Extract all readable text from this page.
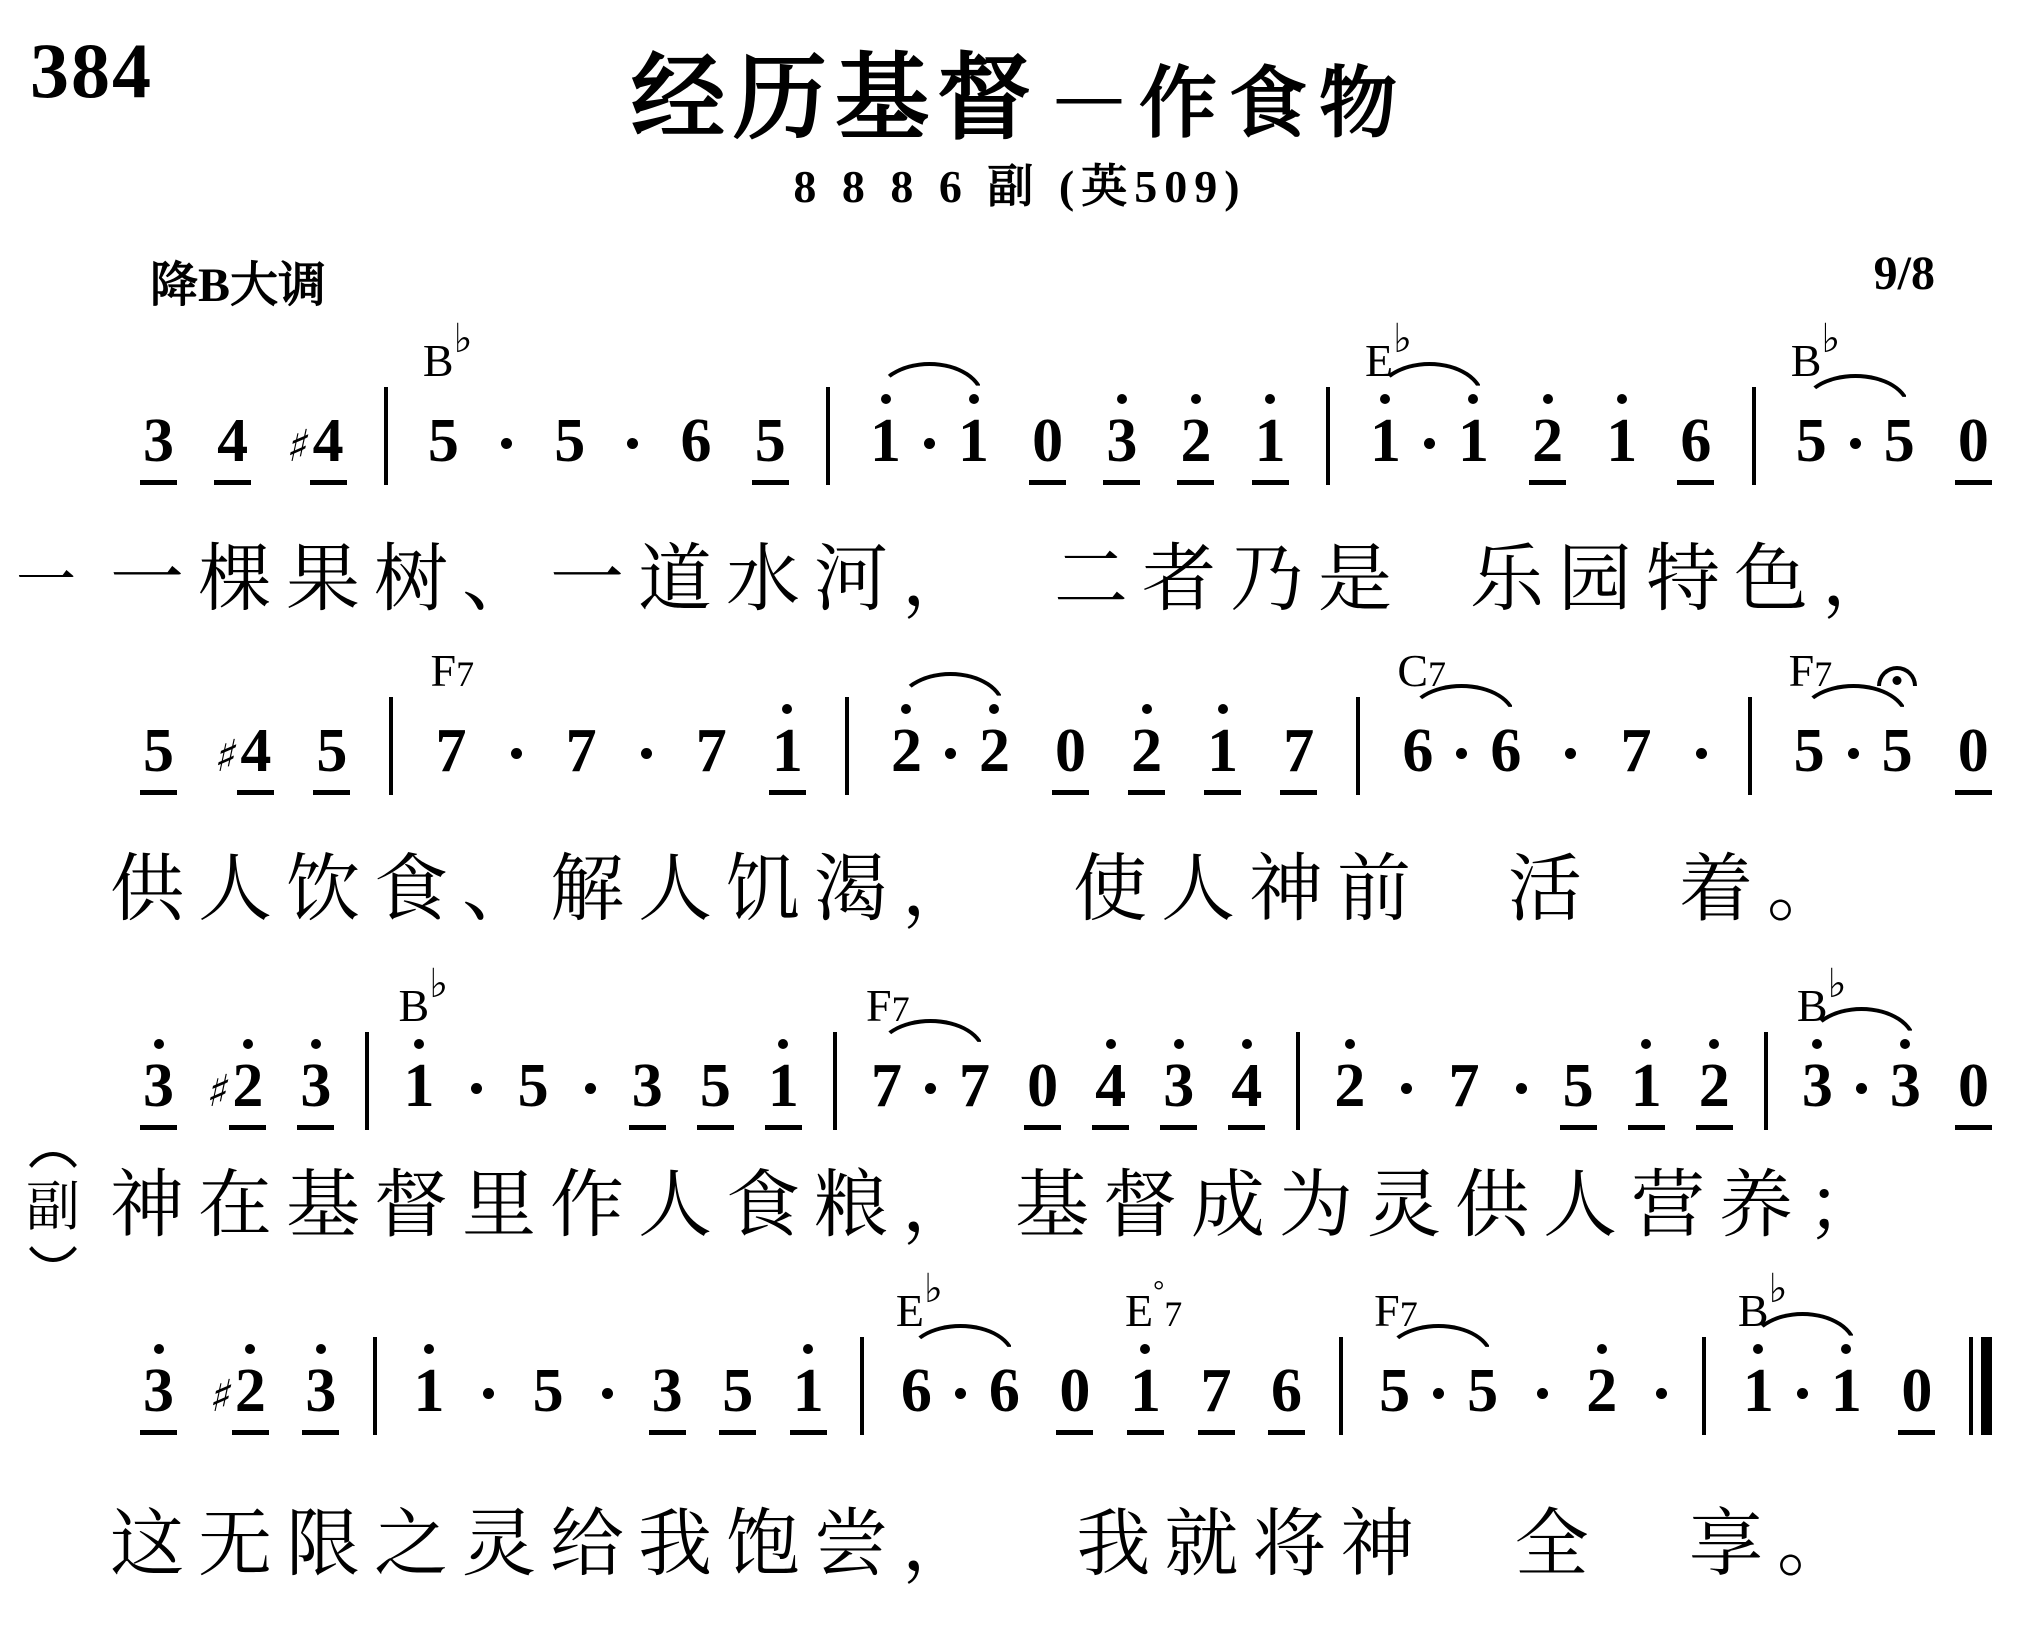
384	经历基督 — 作食物
8 8 8 6 副 (英509)
降B大调	9/8
3 4 ♯
4
B♭
5 5 6 5 1 1 0 3 2 1
E♭
1 1 2 1 6
B♭
5 5 0
一 一棵果树、一道水河， 二者乃是 乐园特色，
5 ♯
4 5
F7
7 7 7 1 2 2 0 2 1 7
C7
6 6 7
F7
5 5 0
供人饮食、解人饥渴， 使人神前 活 着。
3 ♯
2 3
B♭
1 5 3 5 1
F7
7 7 0 4 3 4 2 7 5 1 2
B♭
3 3 0
副 神在基督里作人食粮， 基督成为灵供人营养；
3 ♯
2 3 1 5 3 5 1
E♭
6 6 0
E°7
1 7 6
F7
5 5 2
B♭
1 1 0
这无限之灵给我饱尝， 我就将神 全 享。
